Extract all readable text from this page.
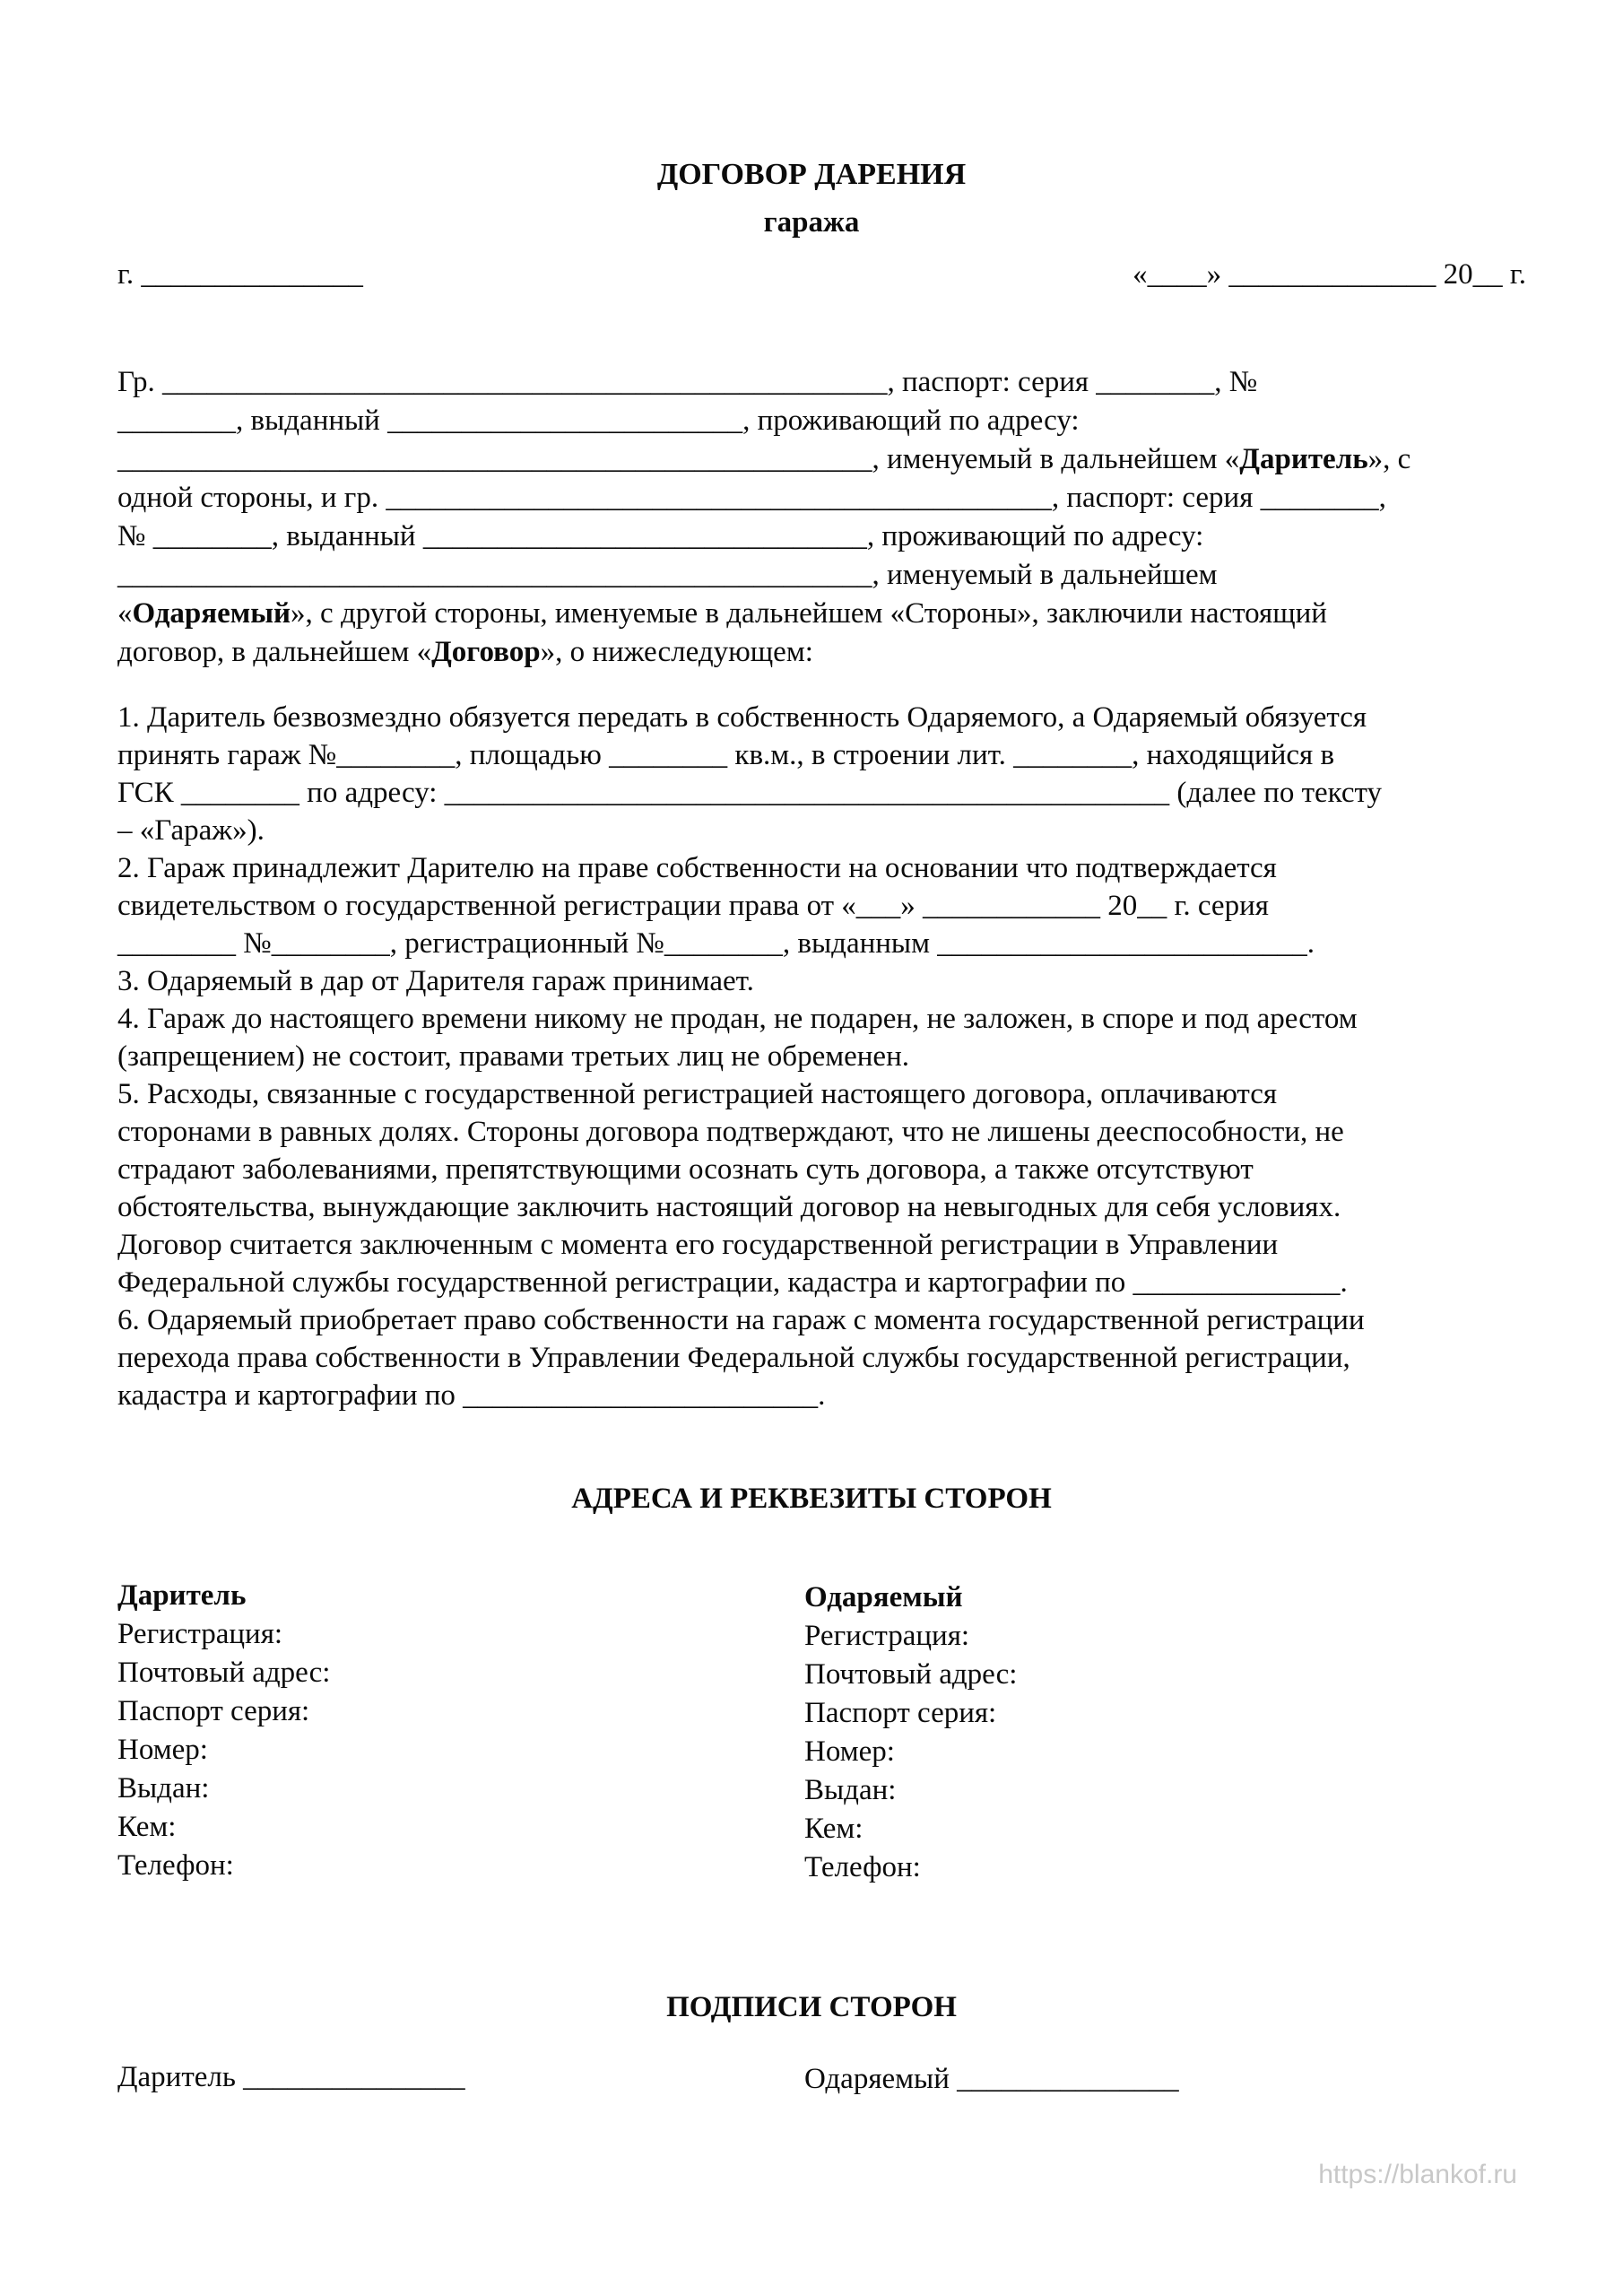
ДОГОВОР ДАРЕНИЯ
гаража
г. _______________	«____» ______________ 20__ г.
Гр. _________________________________________________, паспорт: серия ________, №
________, выданный ________________________, проживающий по адресу:
___________________________________________________, именуемый в дальнейшем «Даритель», с
одной стороны, и гр. _____________________________________________, паспорт: серия ________,
№ ________, выданный ______________________________, проживающий по адресу:
___________________________________________________, именуемый в дальнейшем
«Одаряемый», с другой стороны, именуемые в дальнейшем «Стороны», заключили настоящий
договор, в дальнейшем «Договор», о нижеследующем:
1. Даритель безвозмездно обязуется передать в собственность Одаряемого, а Одаряемый обязуется
принять гараж №________, площадью ________ кв.м., в строении лит. ________, находящийся в
ГСК ________ по адресу: _________________________________________________ (далее по тексту
– «Гараж»).
2. Гараж принадлежит Дарителю на праве собственности на основании что подтверждается
свидетельством о государственной регистрации права от «___» ____________ 20__ г. серия
________ №________, регистрационный №________, выданным _________________________.
3. Одаряемый в дар от Дарителя гараж принимает.
4. Гараж до настоящего времени никому не продан, не подарен, не заложен, в споре и под арестом
(запрещением) не состоит, правами третьих лиц не обременен.
5. Расходы, связанные с государственной регистрацией настоящего договора, оплачиваются
сторонами в равных долях. Стороны договора подтверждают, что не лишены дееспособности, не
страдают заболеваниями, препятствующими осознать суть договора, а также отсутствуют
обстоятельства, вынуждающие заключить настоящий договор на невыгодных для себя условиях.
Договор считается заключенным с момента его государственной регистрации в Управлении
Федеральной службы государственной регистрации, кадастра и картографии по ______________.
6. Одаряемый приобретает право собственности на гараж с момента государственной регистрации
перехода права собственности в Управлении Федеральной службы государственной регистрации,
кадастра и картографии по ________________________.
АДРЕСА И РЕКВЕЗИТЫ СТОРОН
Даритель
Регистрация:
Почтовый адрес:
Паспорт серия:
Номер:
Выдан:
Кем:
Телефон:
Одаряемый
Регистрация:
Почтовый адрес:
Паспорт серия:
Номер:
Выдан:
Кем:
Телефон:
ПОДПИСИ СТОРОН
Даритель _______________	Одаряемый _______________
https://blankof.ru
